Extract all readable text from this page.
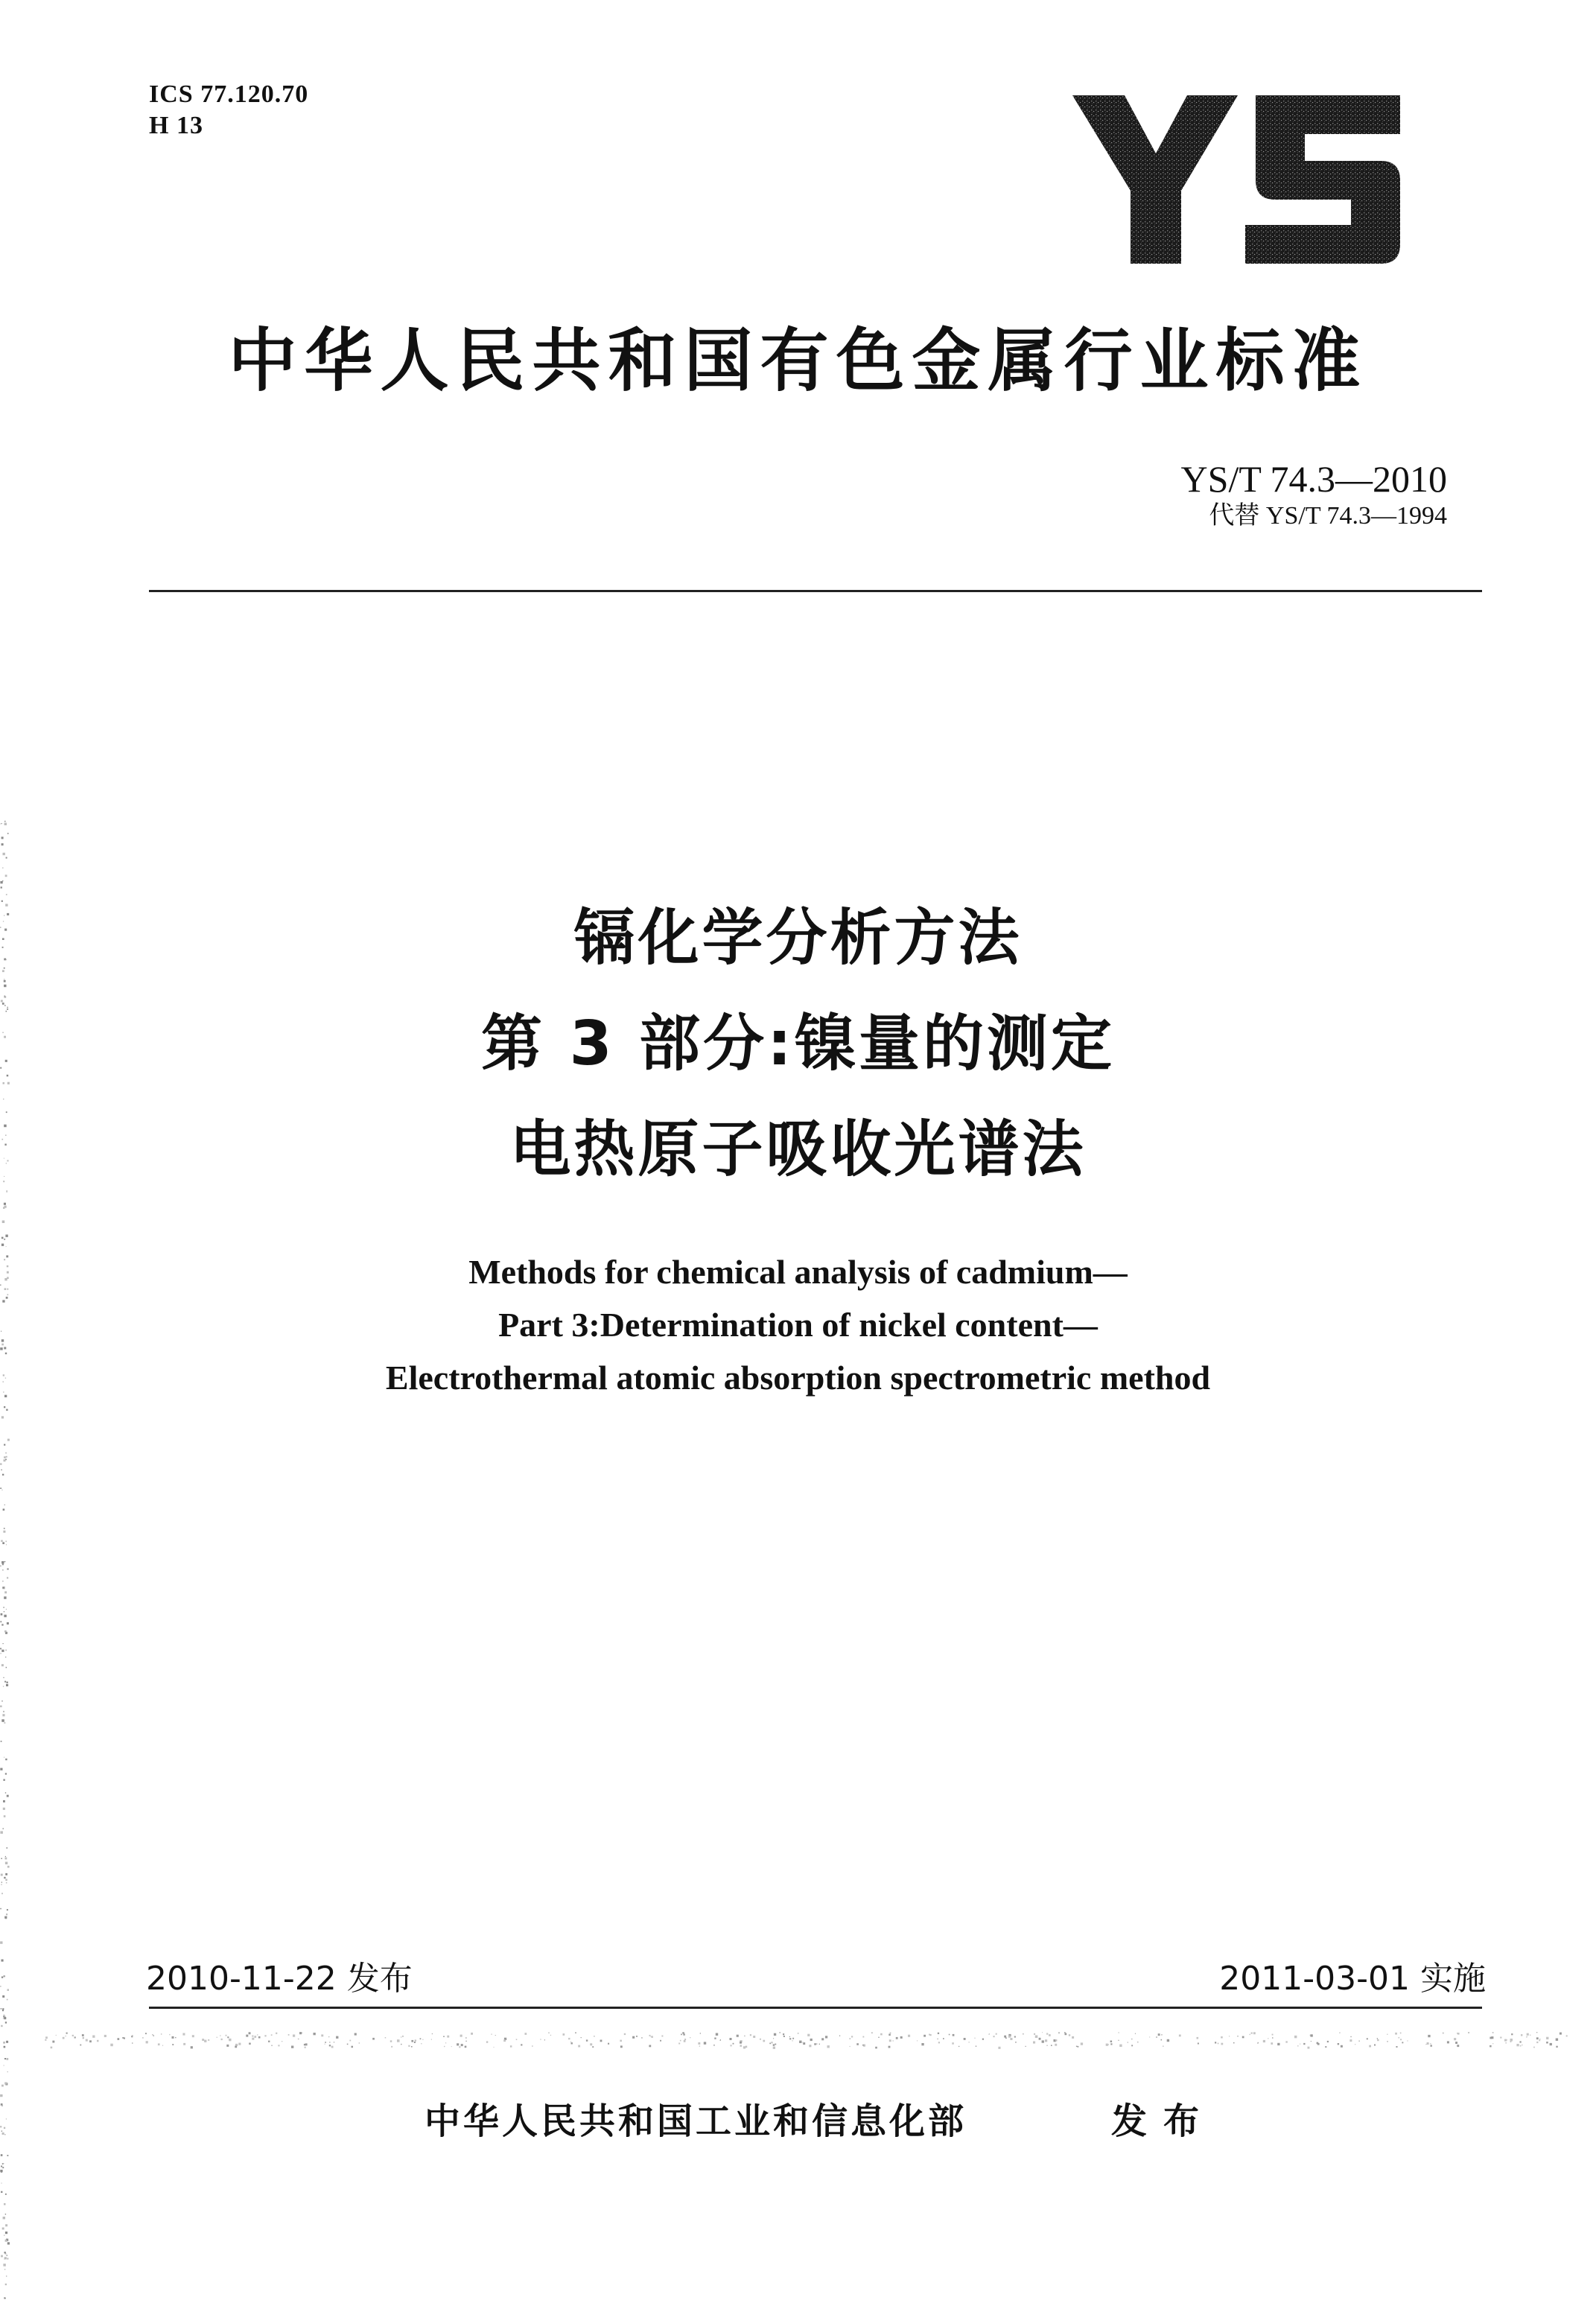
ICS 77.120.70

H 13

中华人民共和国有色金属行业标准

YS/T 74.3—2010

代替 YS/T 74.3—1994

镉化学分析方法
第 3 部分:镍量的测定
电热原子吸收光谱法

Methods for chemical analysis of cadmium—

Part 3:Determination of nickel content—

Electrothermal atomic absorption spectrometric method

2010-11-22 发布	2011-03-01 实施

中华人民共和国工业和信息化部	发布
